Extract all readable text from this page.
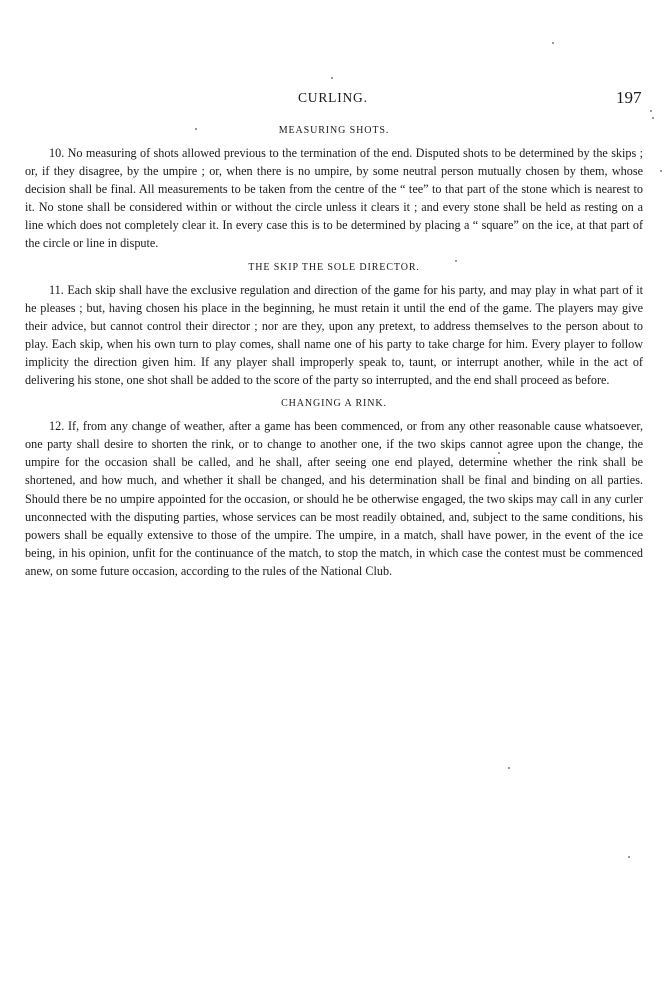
CURLING.	197
MEASURING SHOTS.

10. No measuring of shots allowed previous to the termination of the end. Disputed shots to be determined by the skips ; or, if they disagree, by the umpire ; or, when there is no umpire, by some neutral person mutually chosen by them, whose decision shall be final. All measurements to be taken from the centre of the “ tee” to that part of the stone which is nearest to it. No stone shall be considered within or without the circle unless it clears it ; and every stone shall be held as resting on a line which does not completely clear it. In every case this is to be determined by placing a “ square” on the ice, at that part of the circle or line in dispute.

THE SKIP THE SOLE DIRECTOR.

11. Each skip shall have the exclusive regulation and direction of the game for his party, and may play in what part of it he pleases ; but, having chosen his place in the beginning, he must retain it until the end of the game. The players may give their advice, but cannot control their director ; nor are they, upon any pretext, to address themselves to the person about to play. Each skip, when his own turn to play comes, shall name one of his party to take charge for him. Every player to follow implicity the direction given him. If any player shall improperly speak to, taunt, or interrupt another, while in the act of delivering his stone, one shot shall be added to the score of the party so interrupted, and the end shall proceed as before.

CHANGING A RINK.

12. If, from any change of weather, after a game has been commenced, or from any other reasonable cause whatsoever, one party shall desire to shorten the rink, or to change to another one, if the two skips cannot agree upon the change, the umpire for the occasion shall be called, and he shall, after seeing one end played, determine whether the rink shall be shortened, and how much, and whether it shall be changed, and his determination shall be final and binding on all parties. Should there be no umpire appointed for the occasion, or should he be otherwise engaged, the two skips may call in any curler unconnected with the disputing parties, whose services can be most readily obtained, and, subject to the same conditions, his powers shall be equally extensive to those of the umpire. The umpire, in a match, shall have power, in the event of the ice being, in his opinion, unfit for the continuance of the match, to stop the match, in which case the contest must be commenced anew, on some future occasion, according to the rules of the National Club.
